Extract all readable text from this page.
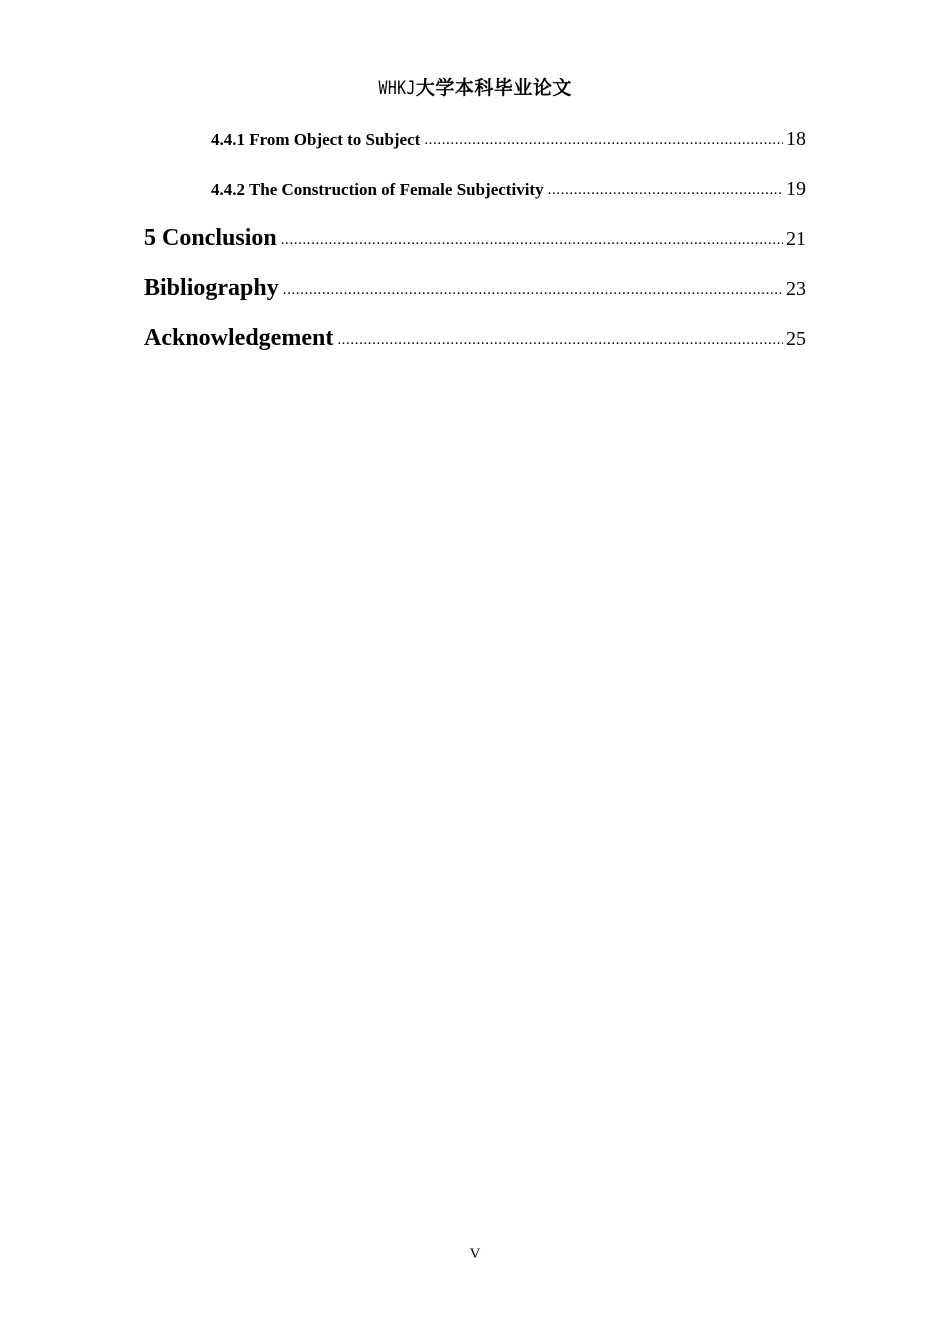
WHKJ大学本科毕业论文
4.4.1 From Object to Subject .....	18
4.4.2 The Construction of Female Subjectivity .....	19
5 Conclusion .....	21
Bibliography .....	23
Acknowledgement .....	25
V
